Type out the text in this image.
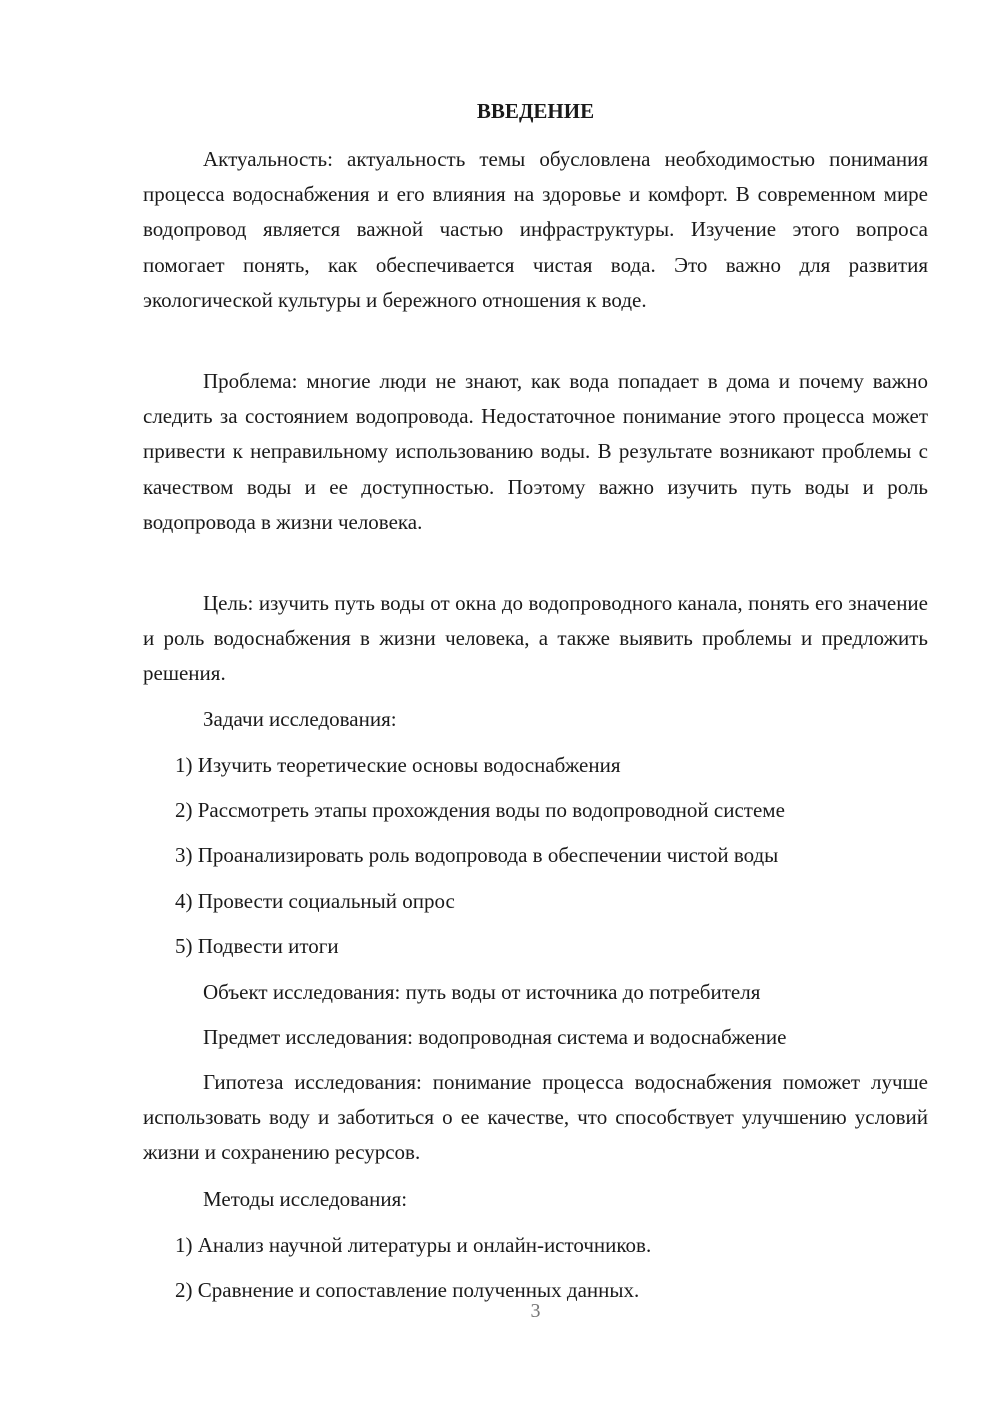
ВВЕДЕНИЕ

Актуальность: актуальность темы обусловлена необходимостью понимания процесса водоснабжения и его влияния на здоровье и комфорт. В современном мире водопровод является важной частью инфраструктуры. Изучение этого вопроса помогает понять, как обеспечивается чистая вода. Это важно для развития экологической культуры и бережного отношения к воде.

Проблема: многие люди не знают, как вода попадает в дома и почему важно следить за состоянием водопровода. Недостаточное понимание этого процесса может привести к неправильному использованию воды. В результате возникают проблемы с качеством воды и ее доступностью. Поэтому важно изучить путь воды и роль водопровода в жизни человека.

Цель: изучить путь воды от окна до водопроводного канала, понять его значение и роль водоснабжения в жизни человека, а также выявить проблемы и предложить решения.

Задачи исследования:
1) Изучить теоретические основы водоснабжения
2) Рассмотреть этапы прохождения воды по водопроводной системе
3) Проанализировать роль водопровода в обеспечении чистой воды
4) Провести социальный опрос
5) Подвести итоги
Объект исследования: путь воды от источника до потребителя
Предмет исследования: водопроводная система и водоснабжение

Гипотеза исследования: понимание процесса водоснабжения поможет лучше использовать воду и заботиться о ее качестве, что способствует улучшению условий жизни и сохранению ресурсов.

Методы исследования:
1) Анализ научной литературы и онлайн-источников.
2) Сравнение и сопоставление полученных данных.
3
